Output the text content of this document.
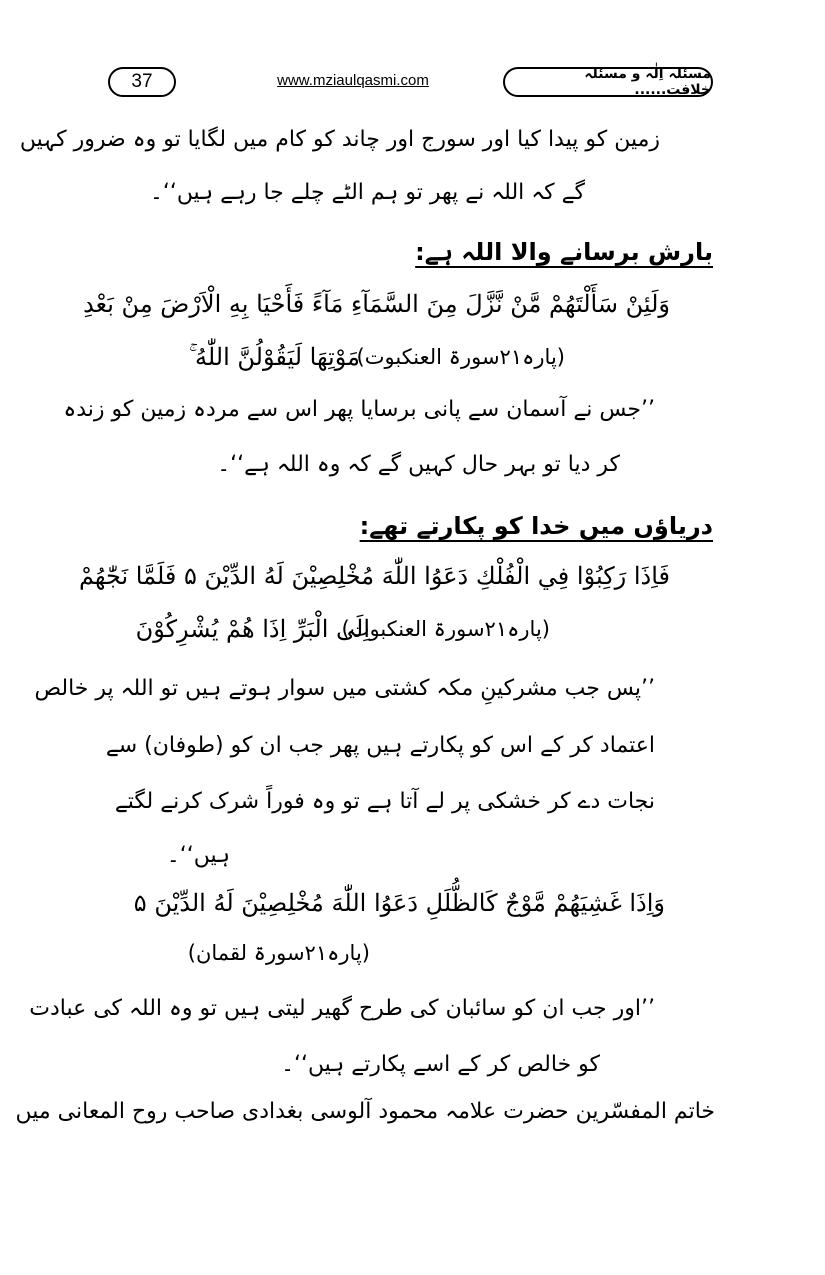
37	www.mziaulqasmi.com	مسئلہ اِلٰہ و مسئلہ خلافت......
زمین کو پیدا کیا اور سورج اور چاند کو کام میں لگایا تو وہ ضرور کہیں
گے کہ اللہ نے پھر تو ہم الٹے چلے جا رہے ہیں‘‘۔
بارش برسانے والا اللہ ہے:
وَلَئِنْ سَأَلْتَهُمْ مَّنْ نَّزَّلَ مِنَ السَّمَآءِ مَآءً فَأَحْيَا بِهِ الْاَرْضَ مِنْ بَعْدِ
مَوْتِهَا لَيَقُوْلُنَّ اللّٰهُ ۚ
(پارہ۲۱سورۃ العنکبوت)
’’جس نے آسمان سے پانی برسایا پھر اس سے مردہ زمین کو زندہ
کر دیا تو بہر حال کہیں گے کہ وہ اللہ ہے‘‘۔
دریاؤں میں خدا کو پکارتے تھے:
فَاِذَا رَكِبُوْا فِي الْفُلْكِ دَعَوُا اللّٰهَ مُخْلِصِيْنَ لَهُ الدِّيْنَ ۵ فَلَمَّا نَجّٰهُمْ
اِلَى الْبَرِّ اِذَا هُمْ يُشْرِكُوْنَ
(پارہ۲۱سورۃ العنکبوت)
’’پس جب مشرکینِ مکہ کشتی میں سوار ہوتے ہیں تو اللہ پر خالص
اعتماد کر کے اس کو پکارتے ہیں پھر جب ان کو (طوفان) سے
نجات دے کر خشکی پر لے آتا ہے تو وہ فوراً شرک کرنے لگتے
ہیں‘‘۔
وَاِذَا غَشِيَهُمْ مَّوْجٌ كَالظُّلَلِ دَعَوُا اللّٰهَ مُخْلِصِيْنَ لَهُ الدِّيْنَ ۵
(پارہ۲۱سورۃ لقمان)
’’اور جب ان کو سائبان کی طرح گھیر لیتی ہیں تو وہ اللہ کی عبادت
کو خالص کر کے اسے پکارتے ہیں‘‘۔
خاتم المفسّرین حضرت علامہ محمود آلوسی بغدادی صاحب روح المعانی میں
